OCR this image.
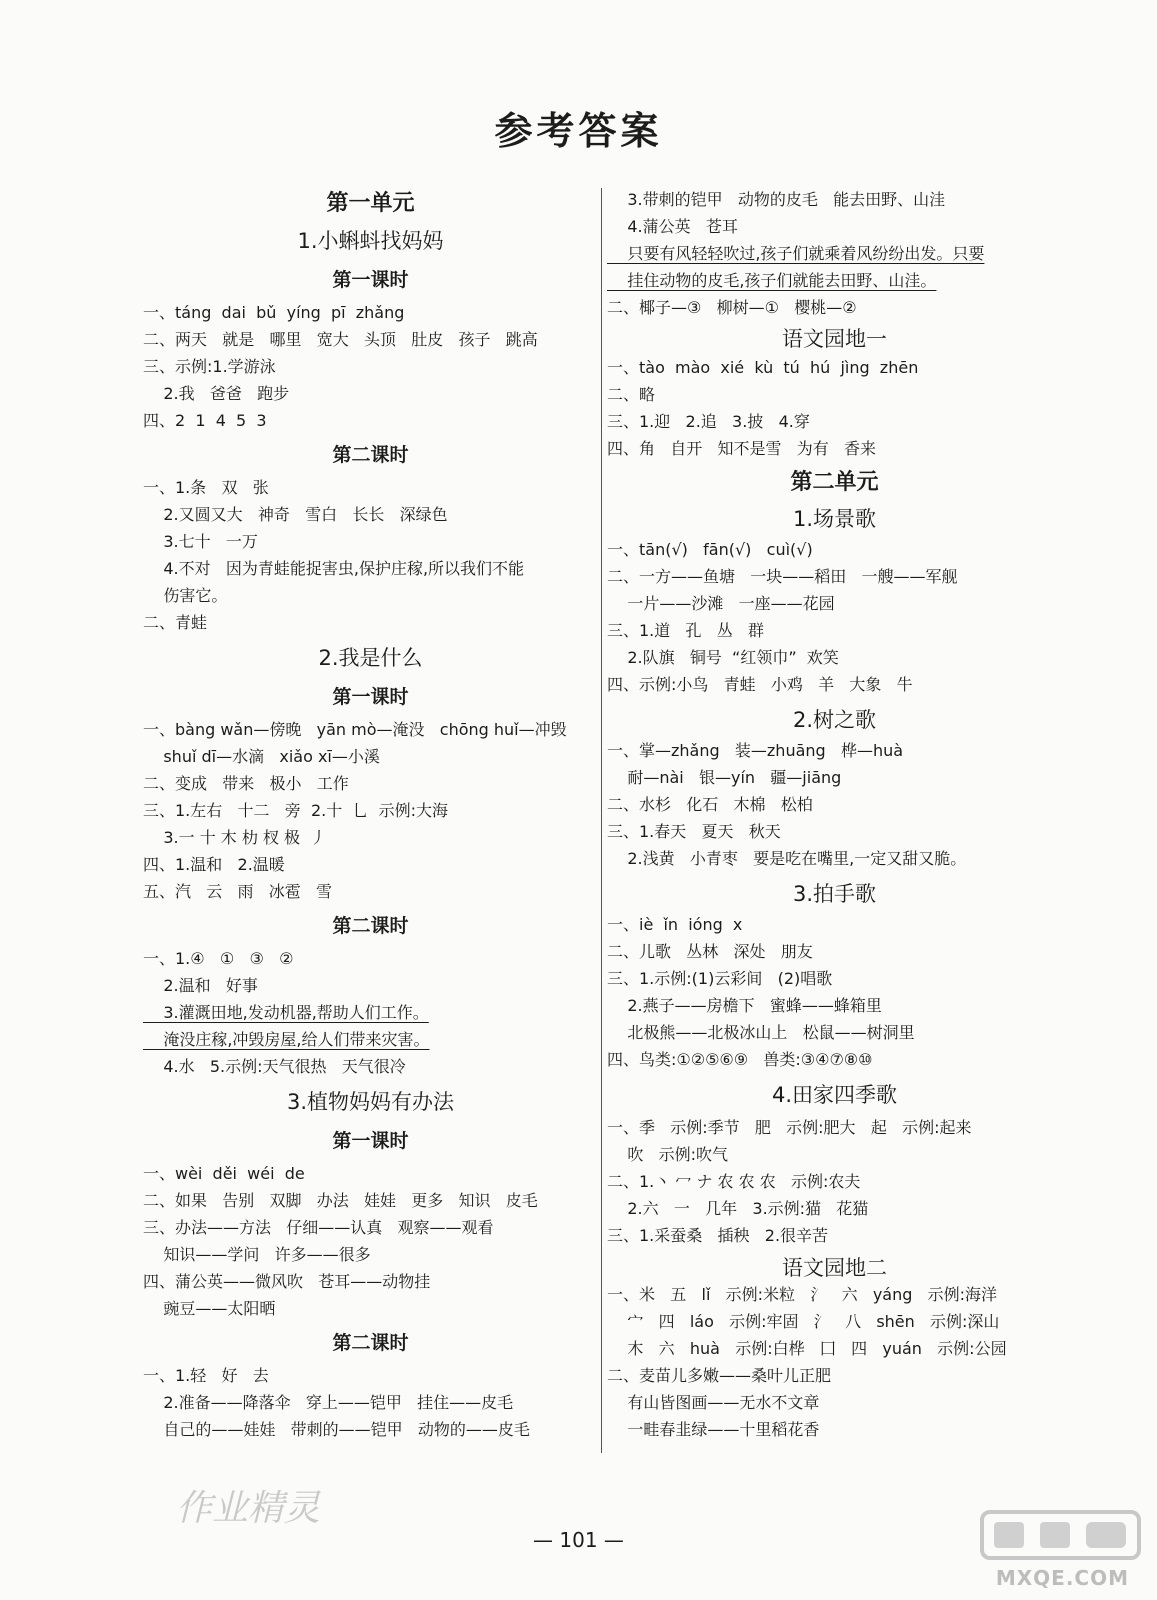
参考答案
第一单元
1.小蝌蚪找妈妈
第一课时
一、táng  dai  bǔ  yíng  pī  zhǎng
二、两天   就是   哪里   宽大   头顶   肚皮   孩子   跳高
三、示例:1.学游泳
2.我   爸爸   跑步
四、2  1  4  5  3
第二课时
一、1.条   双   张
2.又圆又大   神奇   雪白   长长   深绿色
3.七十   一万
4.不对   因为青蛙能捉害虫,保护庄稼,所以我们不能
伤害它。
二、青蛙
2.我是什么
第一课时
一、bàng wǎn—傍晚   yān mò—淹没   chōng huǐ—冲毁
shuǐ dī—水滴   xiǎo xī—小溪
二、变成   带来   极小   工作
三、1.左右   十二   旁  2.十  乚  示例:大海
3.一 十 木 朸 杈 极  丿
四、1.温和   2.温暖
五、汽   云   雨   冰雹   雪
第二课时
一、1.④   ①   ③   ②
2.温和   好事
3.灌溉田地,发动机器,帮助人们工作。
淹没庄稼,冲毁房屋,给人们带来灾害。
4.水   5.示例:天气很热   天气很冷
3.植物妈妈有办法
第一课时
一、wèi  děi  wéi  de
二、如果   告别   双脚   办法   娃娃   更多   知识   皮毛
三、办法——方法   仔细——认真   观察——观看
知识——学问   许多——很多
四、蒲公英——微风吹   苍耳——动物挂
豌豆——太阳晒
第二课时
一、1.轻   好   去
2.准备——降落伞   穿上——铠甲   挂住——皮毛
自己的——娃娃   带刺的——铠甲   动物的——皮毛
3.带刺的铠甲   动物的皮毛   能去田野、山洼
4.蒲公英   苍耳
只要有风轻轻吹过,孩子们就乘着风纷纷出发。只要
挂住动物的皮毛,孩子们就能去田野、山洼。
二、椰子—③   柳树—①   樱桃—②
语文园地一
一、tào  mào  xié  kù  tú  hú  jìng  zhēn
二、略
三、1.迎   2.追   3.披   4.穿
四、角   自开   知不是雪   为有   香来
第二单元
1.场景歌
一、tān(√)   fān(√)   cuì(√)
二、一方——鱼塘   一块——稻田   一艘——军舰
一片——沙滩   一座——花园
三、1.道   孔   丛   群
2.队旗   铜号  “红领巾”  欢笑
四、示例:小鸟   青蛙   小鸡   羊   大象   牛
2.树之歌
一、掌—zhǎng   装—zhuāng   桦—huà
耐—nài   银—yín   疆—jiāng
二、水杉   化石   木棉   松柏
三、1.春天   夏天   秋天
2.浅黄   小青枣   要是吃在嘴里,一定又甜又脆。
3.拍手歌
一、iè  ǐn  ióng  x
二、儿歌   丛林   深处   朋友
三、1.示例:(1)云彩间   (2)唱歌
2.燕子——房檐下   蜜蜂——蜂箱里
北极熊——北极冰山上   松鼠——树洞里
四、鸟类:①②⑤⑥⑨   兽类:③④⑦⑧⑩
4.田家四季歌
一、季   示例:季节   肥   示例:肥大   起   示例:起来
吹   示例:吹气
二、1.丶 冖 ナ 农 农 农   示例:农夫
2.六   一   几年   3.示例:猫   花猫
三、1.采蚕桑   插秧   2.很辛苦
语文园地二
一、米   五   lǐ   示例:米粒   氵   六   yáng   示例:海洋
宀   四   láo   示例:牢固   氵   八   shēn   示例:深山
木   六   huà   示例:白桦   囗   四   yuán   示例:公园
二、麦苗儿多嫩——桑叶儿正肥
有山皆图画——无水不文章
一畦春韭绿——十里稻花香
— 101 —
作业精灵
MXQE.COM
